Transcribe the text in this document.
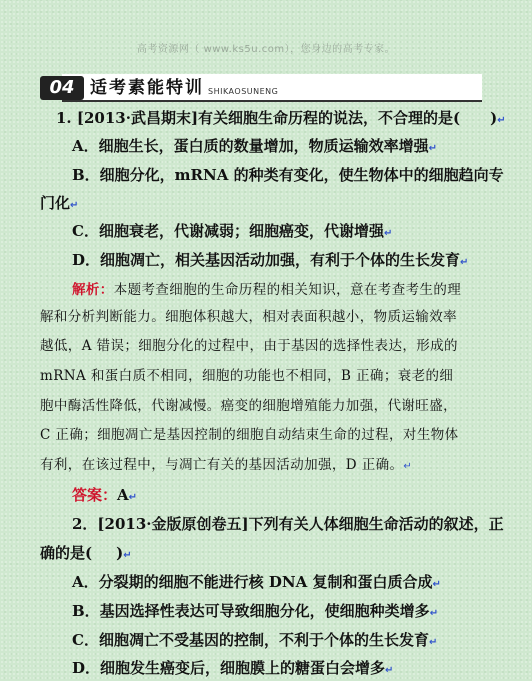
高考资源网（ www.ks5u.com），您身边的高考专家。
04 适考素能特训 SHIKAOSUNENG
1. [2013·武昌期末]有关细胞生命历程的说法，不合理的是( )↵
A．细胞生长，蛋白质的数量增加，物质运输效率增强↵
B．细胞分化，mRNA 的种类有变化，使生物体中的细胞趋向专
门化↵
C．细胞衰老，代谢减弱；细胞癌变，代谢增强↵
D．细胞凋亡，相关基因活动加强，有利于个体的生长发育↵
解析：本题考查细胞的生命历程的相关知识，意在考查考生的理
解和分析判断能力。细胞体积越大，相对表面积越小，物质运输效率
越低，A 错误；细胞分化的过程中，由于基因的选择性表达，形成的
mRNA 和蛋白质不相同，细胞的功能也不相同，B 正确；衰老的细
胞中酶活性降低，代谢减慢。癌变的细胞增殖能力加强，代谢旺盛，
C 正确；细胞凋亡是基因控制的细胞自动结束生命的过程，对生物体
有利，在该过程中，与凋亡有关的基因活动加强，D 正确。↵
答案：A↵
2．[2013·金版原创卷五]下列有关人体细胞生命活动的叙述，正
确的是( )↵
A．分裂期的细胞不能进行核 DNA 复制和蛋白质合成↵
B．基因选择性表达可导致细胞分化，使细胞种类增多↵
C．细胞凋亡不受基因的控制，不利于个体的生长发育↵
D．细胞发生癌变后，细胞膜上的糖蛋白会增多↵
